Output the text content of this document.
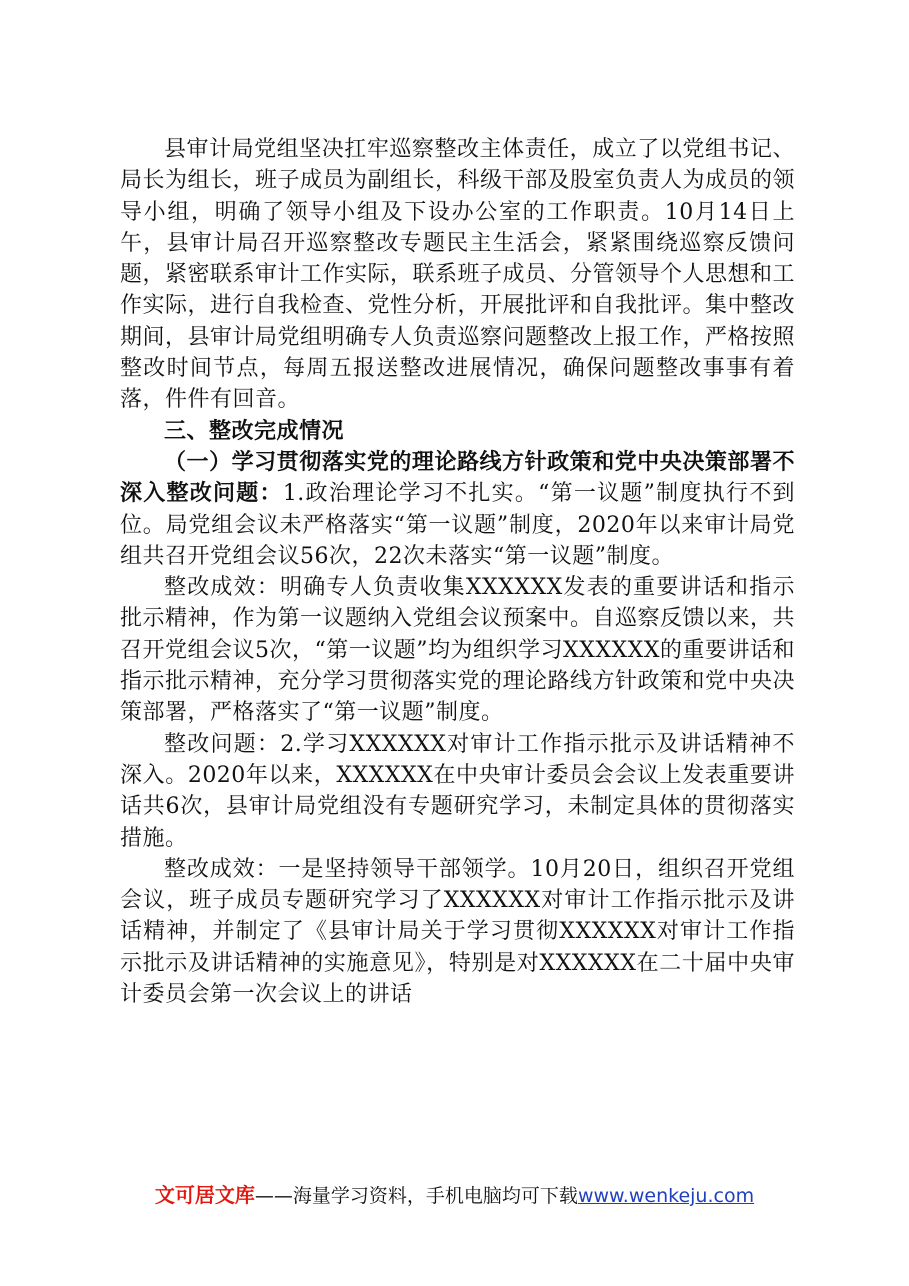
县审计局党组坚决扛牢巡察整改主体责任，成立了以党组书记、局长为组长，班子成员为副组长，科级干部及股室负责人为成员的领导小组，明确了领导小组及下设办公室的工作职责。10月14日上午，县审计局召开巡察整改专题民主生活会，紧紧围绕巡察反馈问题，紧密联系审计工作实际，联系班子成员、分管领导个人思想和工作实际，进行自我检查、党性分析，开展批评和自我批评。集中整改期间，县审计局党组明确专人负责巡察问题整改上报工作，严格按照整改时间节点，每周五报送整改进展情况，确保问题整改事事有着落，件件有回音。

三、整改完成情况

（一）学习贯彻落实党的理论路线方针政策和党中央决策部署不深入整改问题：1.政治理论学习不扎实。“第一议题”制度执行不到位。局党组会议未严格落实“第一议题”制度，2020年以来审计局党组共召开党组会议56次，22次未落实“第一议题”制度。

整改成效：明确专人负责收集XXXXXX发表的重要讲话和指示批示精神，作为第一议题纳入党组会议预案中。自巡察反馈以来，共召开党组会议5次，“第一议题”均为组织学习XXXXXX的重要讲话和指示批示精神，充分学习贯彻落实党的理论路线方针政策和党中央决策部署，严格落实了“第一议题”制度。

整改问题：2.学习XXXXXX对审计工作指示批示及讲话精神不深入。2020年以来，XXXXXX在中央审计委员会会议上发表重要讲话共6次，县审计局党组没有专题研究学习，未制定具体的贯彻落实措施。

整改成效：一是坚持领导干部领学。10月20日，组织召开党组会议，班子成员专题研究学习了XXXXXX对审计工作指示批示及讲话精神，并制定了《县审计局关于学习贯彻XXXXXX对审计工作指示批示及讲话精神的实施意见》，特别是对XXXXXX在二十届中央审计委员会第一次会议上的讲话

文可居文库——海量学习资料，手机电脑均可下载www.wenkeju.com
